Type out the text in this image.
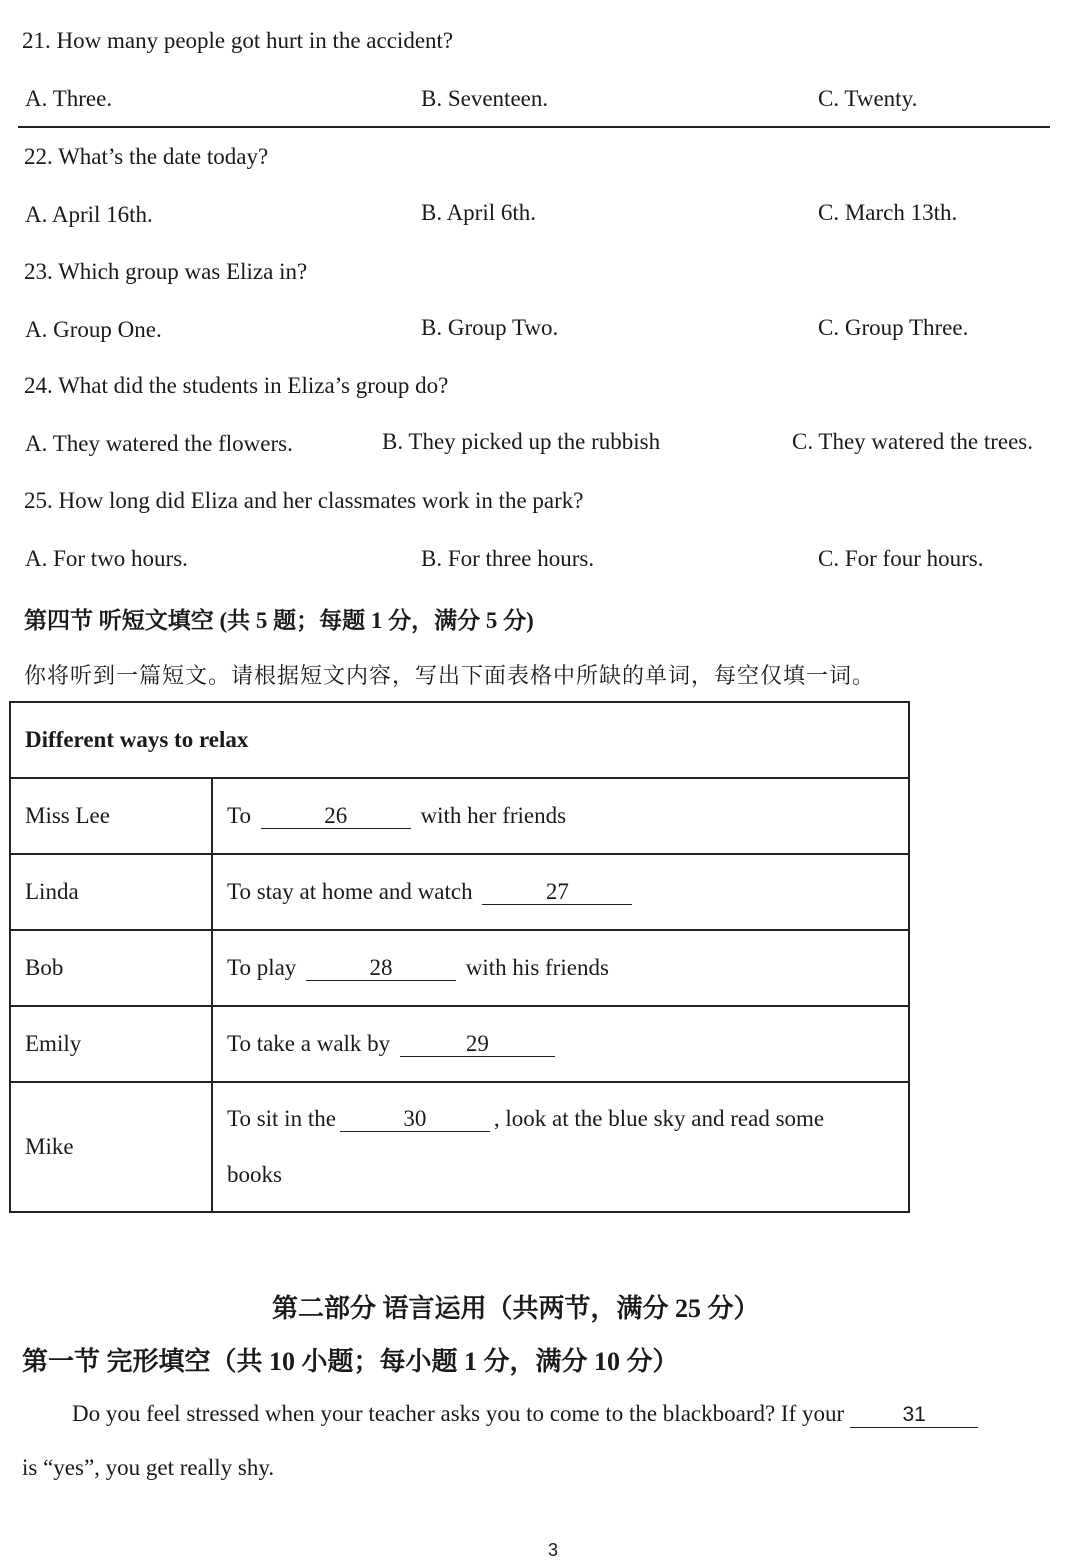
21. How many people got hurt in the accident?
A. Three.	B. Seventeen.	C. Twenty.
22. What’s the date today?
A. April 16th.	B. April 6th.	C. March 13th.
23. Which group was Eliza in?
A. Group One.	B. Group Two.	C. Group Three.
24. What did the students in Eliza’s group do?
A. They watered the flowers.	B. They picked up the rubbish	C. They watered the trees.
25. How long did Eliza and her classmates work in the park?
A. For two hours.	B. For three hours.	C. For four hours.
第四节 听短文填空 (共 5 题；每题 1 分，满分 5 分)
你将听到一篇短文。请根据短文内容，写出下面表格中所缺的单词，每空仅填一词。
Different ways to relax	
Miss Lee	To 26 with her friends
Linda	To stay at home and watch 27
Bob	To play 28 with his friends
Emily	To take a walk by 29
Mike	To sit in the 30 , look at the blue sky and read some
books
第二部分 语言运用（共两节，满分 25 分）
第一节 完形填空（共 10 小题；每小题 1 分，满分 10 分）
Do you feel stressed when your teacher asks you to come to the blackboard? If your	31
is “yes”, you get really shy.
3
